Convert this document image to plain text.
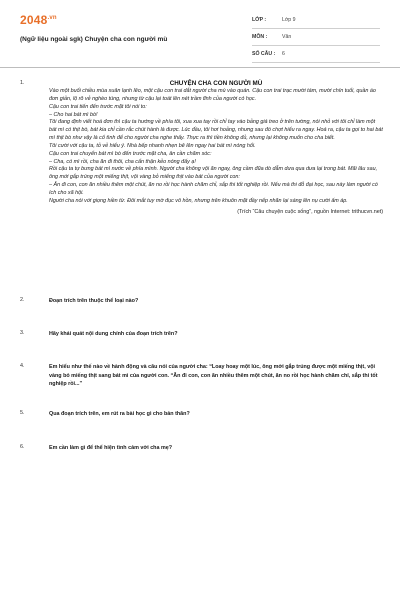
$2048^{.vn}$
(Ngữ liệu ngoài sgk) Chuyện cha con người mù
LỚP :	Lớp 9
MÔN :	Văn
SỐ CÂU :	6
1.	CHUYỆN CHA CON NGƯỜI MÙ

Vào một buổi chiều mùa xuân lạnh lẽo, một cậu con trai dắt người cha mù vào quán. Cậu con trai trạc mười tám, mười chín tuổi, quần áo đơn giản, lộ rõ vẻ nghèo túng, nhưng từ cậu lại toát lên nét trầm tĩnh của người có học.

Cậu con trai tiến đến trước mặt tôi nói to:

– Cho hai bát mì bò!

Tôi đang định viết hoá đơn thì cậu ta hướng về phía tôi, xua xua tay rồi chỉ tay vào bảng giá treo ở trên tường, nói nhỏ với tôi chỉ làm một bát mì có thịt bò, bát kia chỉ cần rắc chút hành là được. Lúc đầu, tôi hơi hoảng, nhưng sau đó chợt hiểu ra ngay. Hoá ra, cậu ta gọi to hai bát mì thịt bò như vậy là cố tình để cho người cha nghe thấy. Thực ra thì tiền không đủ, nhưng lại không muốn cho cha biết.

Tôi cười với cậu ta, tỏ vẻ hiểu ý. Nhà bếp nhanh nhẹn bê lên ngay hai bát mì nóng hổi.

Cậu con trai chuyển bát mì bò đến trước mặt cha, ân cần chăm sóc:

– Cha, có mì rồi, cha ăn đi thôi, cha cẩn thận kẻo nóng đấy ạ!

Rồi cậu ta tự bưng bát mì nước về phía mình. Người cha không vội ăn ngay, ông cầm đũa dò dẫm dưa qua dưa lại trong bát. Mãi lâu sau, ông mới gắp trúng một miếng thịt, vội vàng bỏ miếng thịt vào bát của người con:

– Ăn đi con, con ăn nhiều thêm một chút, ăn no rồi học hành chăm chỉ, sắp thi tốt nghiệp rồi. Nếu mà thi đỗ đại học, sau này làm người có ích cho xã hội.

Người cha nói với giọng hiền từ. Đôi mắt tuy mờ đục vô hồn, nhưng trên khuôn mặt đầy nếp nhăn lại sáng lên nụ cười ấm áp.

(Trích “Câu chuyện cuộc sống”, nguồn Internet: trithucvn.net)
2.	Đoạn trích trên thuộc thể loại nào?
3.	Hãy khái quát nội dung chính của đoạn trích trên?
4.	Em hiểu như thế nào về hành động và câu nói của người cha: “Loay hoay một lúc, ông mới gắp trúng được một miếng thịt, vội vàng bỏ miếng thịt sang bát mì của người con. “Ăn đi con, con ăn nhiều thêm một chút, ăn no rồi học hành chăm chỉ, sắp thi tốt nghiệp rồi...”
5.	Qua đoạn trích trên, em rút ra bài học gì cho bản thân?
6.	Em cần làm gì để thể hiện tình cảm với cha mẹ?
